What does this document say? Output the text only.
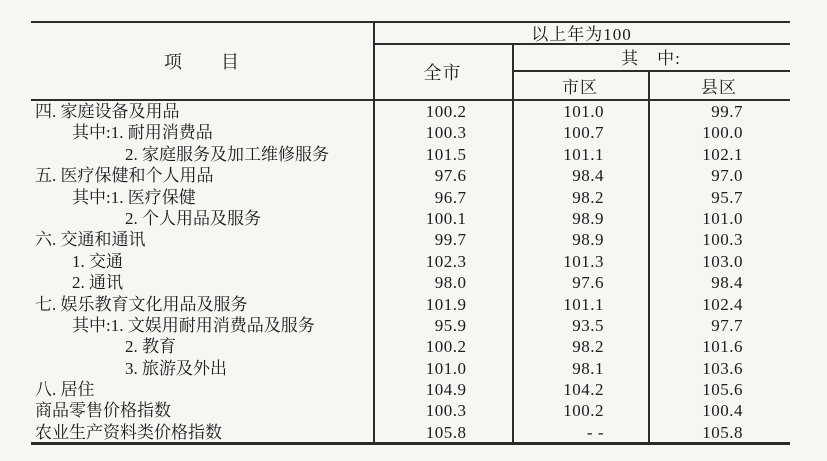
项　　目
以上年为100
全市
其　中:
市区	县区
四. 家庭设备及用品	100.2	101.0	99.7
其中:1. 耐用消费品	100.3	100.7	100.0
2. 家庭服务及加工维修服务	101.5	101.1	102.1
五. 医疗保健和个人用品	97.6	98.4	97.0
其中:1. 医疗保健	96.7	98.2	95.7
2. 个人用品及服务	100.1	98.9	101.0
六. 交通和通讯	99.7	98.9	100.3
1. 交通	102.3	101.3	103.0
2. 通讯	98.0	97.6	98.4
七. 娱乐教育文化用品及服务	101.9	101.1	102.4
其中:1. 文娱用耐用消费品及服务	95.9	93.5	97.7
2. 教育	100.2	98.2	101.6
3. 旅游及外出	101.0	98.1	103.6
八. 居住	104.9	104.2	105.6
商品零售价格指数	100.3	100.2	100.4
农业生产资料类价格指数	105.8	- -	105.8
